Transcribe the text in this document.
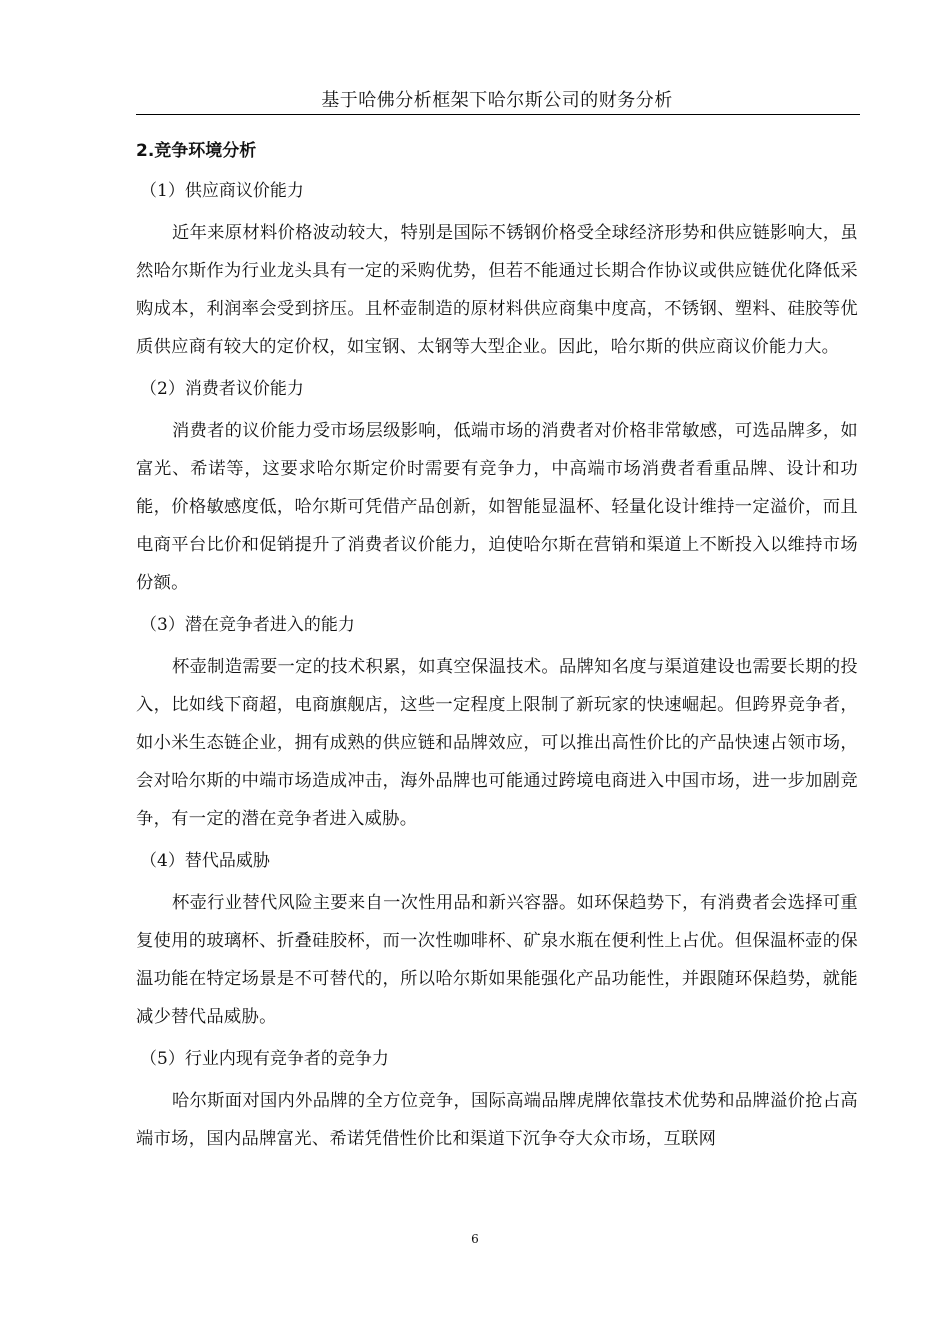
基于哈佛分析框架下哈尔斯公司的财务分析
2.竞争环境分析

（1）供应商议价能力

近年来原材料价格波动较大，特别是国际不锈钢价格受全球经济形势和供应链影响大，虽然哈尔斯作为行业龙头具有一定的采购优势，但若不能通过长期合作协议或供应链优化降低采购成本，利润率会受到挤压。且杯壶制造的原材料供应商集中度高，不锈钢、塑料、硅胶等优质供应商有较大的定价权，如宝钢、太钢等大型企业。因此，哈尔斯的供应商议价能力大。

（2）消费者议价能力

消费者的议价能力受市场层级影响，低端市场的消费者对价格非常敏感，可选品牌多，如富光、希诺等，这要求哈尔斯定价时需要有竞争力，中高端市场消费者看重品牌、设计和功能，价格敏感度低，哈尔斯可凭借产品创新，如智能显温杯、轻量化设计维持一定溢价，而且电商平台比价和促销提升了消费者议价能力，迫使哈尔斯在营销和渠道上不断投入以维持市场份额。

（3）潜在竞争者进入的能力

杯壶制造需要一定的技术积累，如真空保温技术。品牌知名度与渠道建设也需要长期的投入，比如线下商超，电商旗舰店，这些一定程度上限制了新玩家的快速崛起。但跨界竞争者，如小米生态链企业，拥有成熟的供应链和品牌效应，可以推出高性价比的产品快速占领市场，会对哈尔斯的中端市场造成冲击，海外品牌也可能通过跨境电商进入中国市场，进一步加剧竞争，有一定的潜在竞争者进入威胁。

（4）替代品威胁

杯壶行业替代风险主要来自一次性用品和新兴容器。如环保趋势下，有消费者会选择可重复使用的玻璃杯、折叠硅胶杯，而一次性咖啡杯、矿泉水瓶在便利性上占优。但保温杯壶的保温功能在特定场景是不可替代的，所以哈尔斯如果能强化产品功能性，并跟随环保趋势，就能减少替代品威胁。

（5）行业内现有竞争者的竞争力

哈尔斯面对国内外品牌的全方位竞争，国际高端品牌虎牌依靠技术优势和品牌溢价抢占高端市场，国内品牌富光、希诺凭借性价比和渠道下沉争夺大众市场，互联网

6
